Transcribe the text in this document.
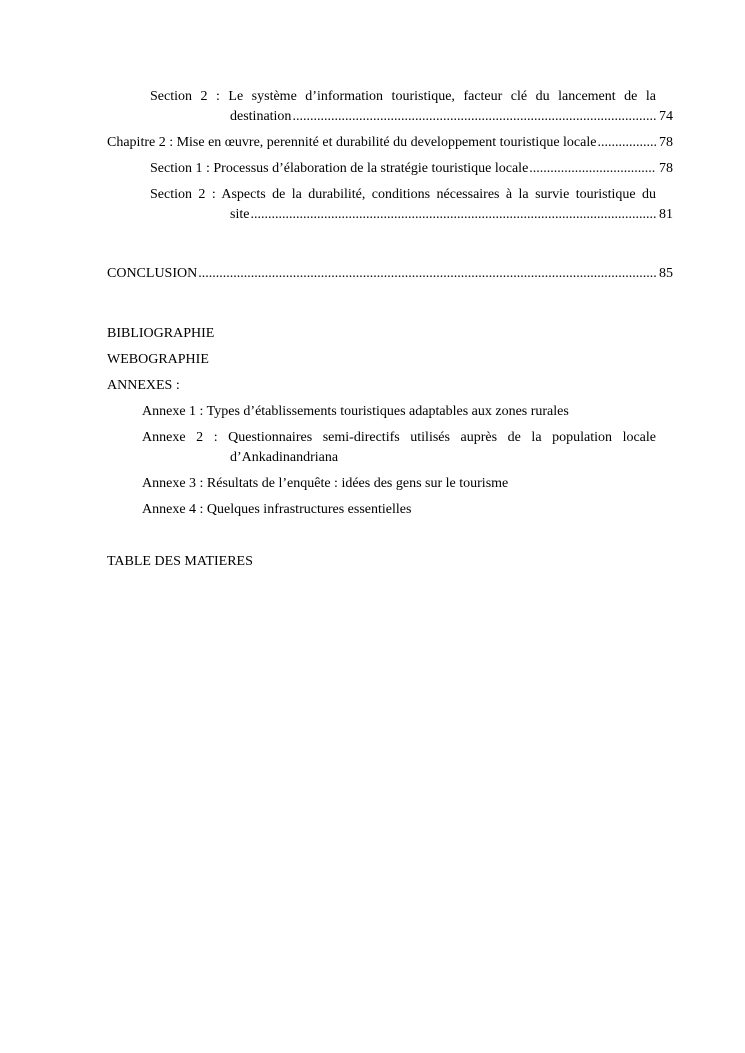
Section 2 : Le système d’information touristique, facteur clé du lancement de la
destination .....	74
Chapitre 2 : Mise en œuvre, perennité et durabilité du developpement touristique locale .....	78
Section 1 : Processus d’élaboration de la stratégie touristique locale .....	78
Section 2 : Aspects de la durabilité, conditions nécessaires à la survie touristique du
site .....	81
CONCLUSION .....	85
BIBLIOGRAPHIE
WEBOGRAPHIE
ANNEXES :
Annexe 1 : Types d’établissements touristiques adaptables aux zones rurales
Annexe 2 : Questionnaires semi-directifs utilisés auprès de la population locale
d’Ankadinandriana
Annexe 3 : Résultats de l’enquête : idées des gens sur le tourisme
Annexe 4 : Quelques infrastructures essentielles
TABLE DES MATIERES
